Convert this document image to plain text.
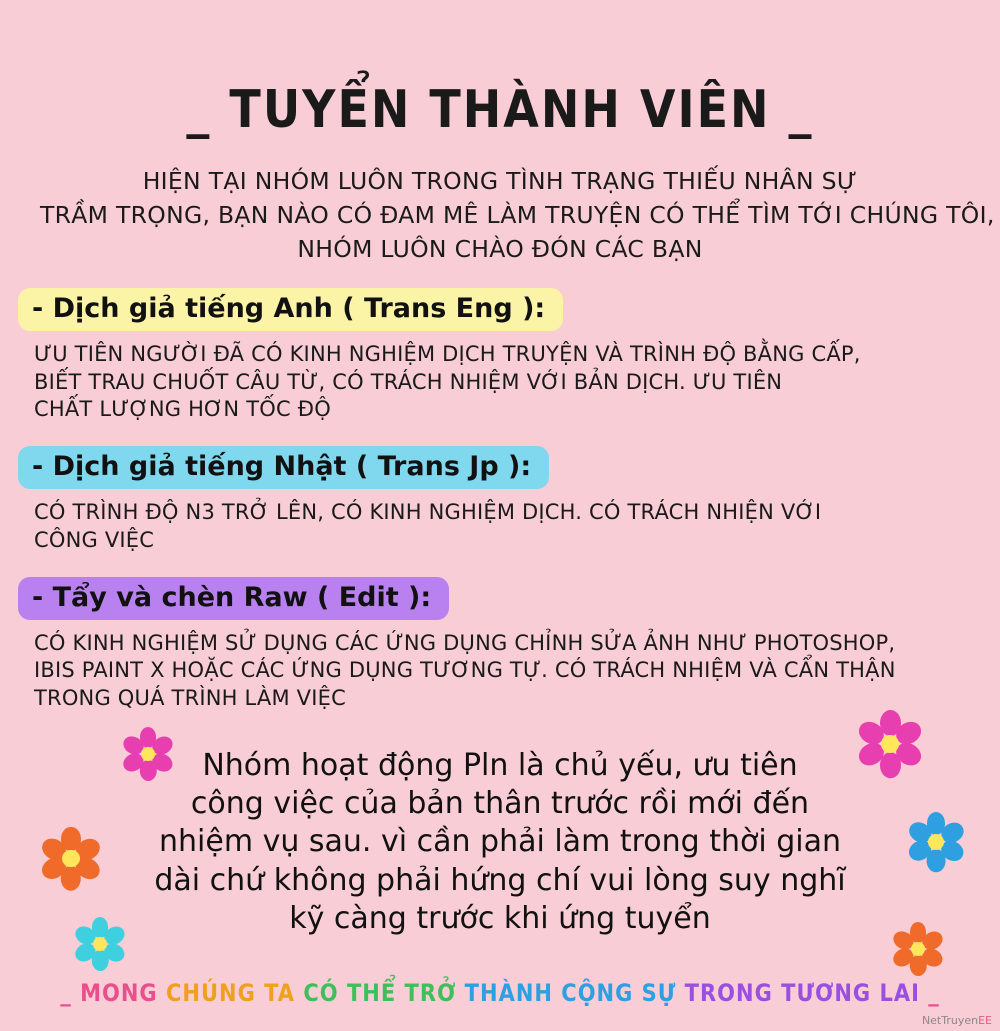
_ TUYỂN THÀNH VIÊN _
HIỆN TẠI NHÓM LUÔN TRONG TÌNH TRẠNG THIẾU NHÂN SỰ
TRẦM TRỌNG, BẠN NÀO CÓ ĐAM MÊ LÀM TRUYỆN CÓ THỂ TÌM TỚI CHÚNG TÔI,
NHÓM LUÔN CHÀO ĐÓN CÁC BẠN
- Dịch giả tiếng Anh ( Trans Eng ):
ƯU TIÊN NGƯỜI ĐÃ CÓ KINH NGHIỆM DỊCH TRUYỆN VÀ TRÌNH ĐỘ BẰNG CẤP,
BIẾT TRAU CHUỐT CÂU TỪ, CÓ TRÁCH NHIỆM VỚI BẢN DỊCH. ƯU TIÊN
CHẤT LƯỢNG HƠN TỐC ĐỘ
- Dịch giả tiếng Nhật ( Trans Jp ):
CÓ TRÌNH ĐỘ N3 TRỞ LÊN, CÓ KINH NGHIỆM DỊCH. CÓ TRÁCH NHIỆN VỚI
CÔNG VIỆC
- Tẩy và chèn Raw ( Edit ):
CÓ KINH NGHIỆM SỬ DỤNG CÁC ỨNG DỤNG CHỈNH SỬA ẢNH NHƯ PHOTOSHOP,
IBIS PAINT X HOẶC CÁC ỨNG DỤNG TƯƠNG TỰ. CÓ TRÁCH NHIỆM VÀ CẨN THẬN
TRONG QUÁ TRÌNH LÀM VIỆC
Nhóm hoạt động Pln là chủ yếu, ưu tiên
công việc của bản thân trước rồi mới đến
nhiệm vụ sau. vì cần phải làm trong thời gian
dài chứ không phải hứng chí vui lòng suy nghĩ
kỹ càng trước khi ứng tuyển
_ MONG CHÚNG TA CÓ THỂ TRỞ THÀNH CỘNG SỰ TRONG TƯƠNG LAI _
NetTruyenEE
